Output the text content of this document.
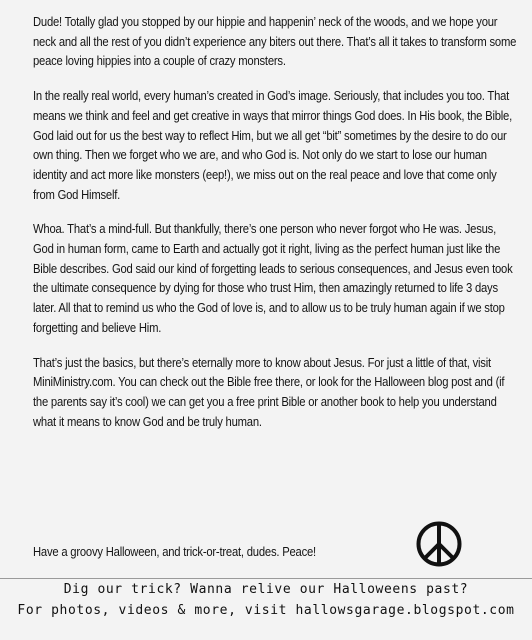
Dude! Totally glad you stopped by our hippie and happenin’ neck of the woods, and we hope your neck and all the rest of you didn’t experience any biters out there. That’s all it takes to transform some peace loving hippies into a couple of crazy monsters.

In the really real world, every human’s created in God’s image. Seriously, that includes you too. That means we think and feel and get creative in ways that mirror things God does. In His book, the Bible, God laid out for us the best way to reflect Him, but we all get “bit” sometimes by the desire to do our own thing. Then we forget who we are, and who God is. Not only do we start to lose our human identity and act more like monsters (eep!), we miss out on the real peace and love that come only from God Himself.

Whoa. That’s a mind-full. But thankfully, there’s one person who never forgot who He was. Jesus, God in human form, came to Earth and actually got it right, living as the perfect human just like the Bible describes. God said our kind of forgetting leads to serious consequences, and Jesus even took the ultimate consequence by dying for those who trust Him, then amazingly returned to life 3 days later. All that to remind us who the God of love is, and to allow us to be truly human again if we stop forgetting and believe Him.

That’s just the basics, but there’s eternally more to know about Jesus. For just a little of that, visit MiniMinistry.com. You can check out the Bible free there, or look for the Halloween blog post and (if the parents say it’s cool) we can get you a free print Bible or another book to help you understand what it means to know God and be truly human.

Have a groovy Halloween, and trick-or-treat, dudes. Peace!
Dig our trick? Wanna relive our Halloweens past?
For photos, videos & more, visit hallowsgarage.blogspot.com
